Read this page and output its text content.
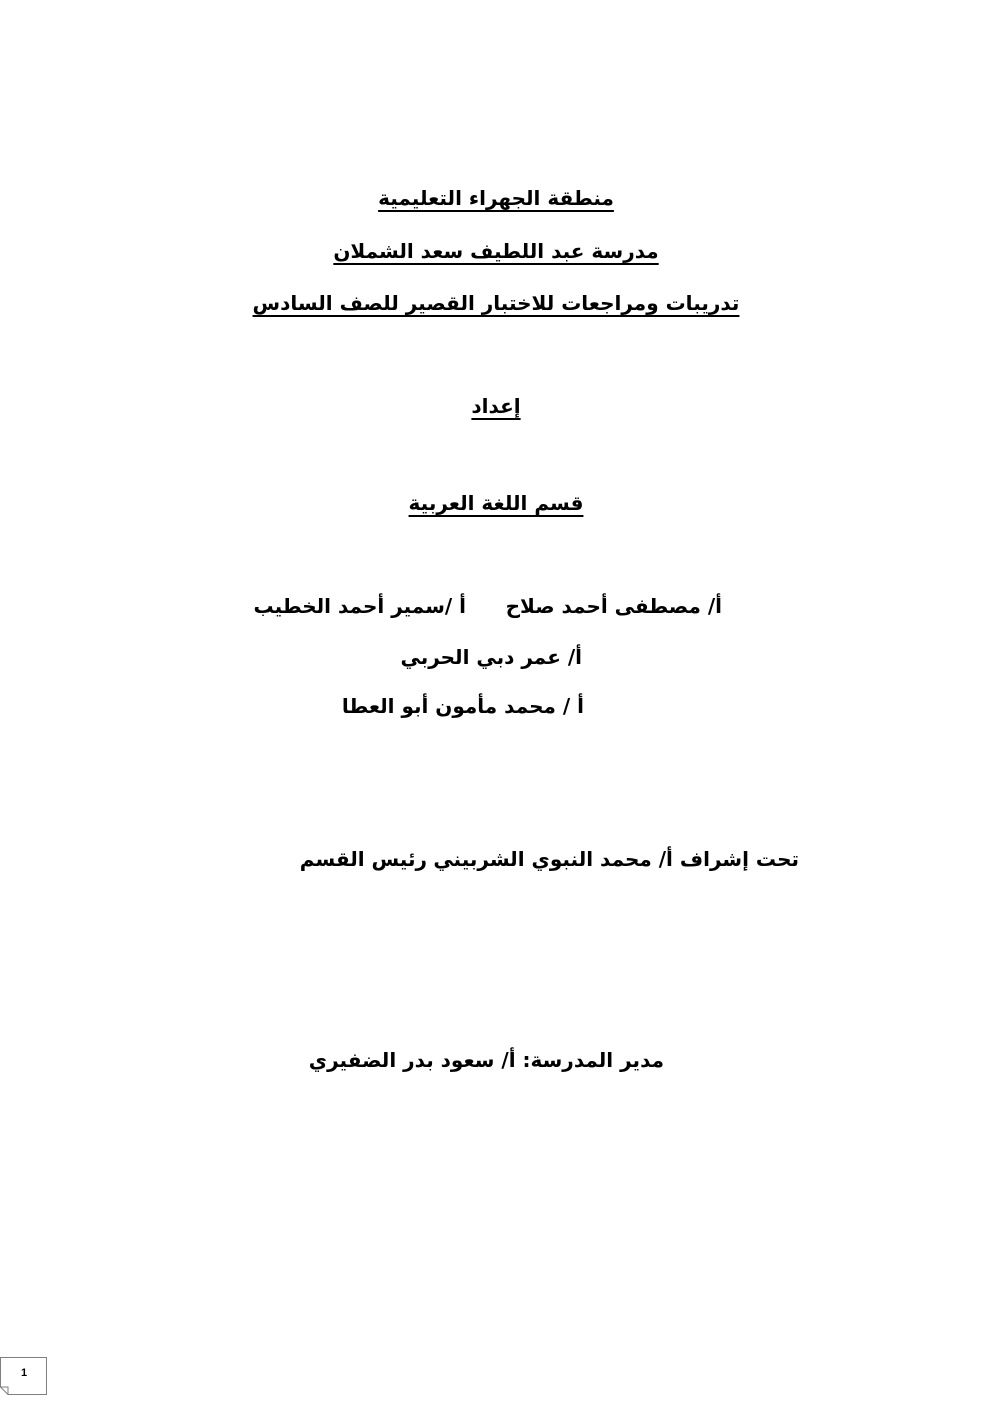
منطقة الجهراء التعليمية
مدرسة عبد اللطيف سعد الشملان
تدريبات ومراجعات للاختبار القصير للصف السادس
إعداد
قسم اللغة العربية
أ/ مصطفى أحمد صلاح
أ /سمير أحمد الخطيب
أ/ عمر دبي الحربي
أ / محمد مأمون أبو العطا
تحت إشراف أ/ محمد النبوي الشربيني
رئيس القسم
مدير المدرسة: أ/ سعود بدر الضفيري
1
